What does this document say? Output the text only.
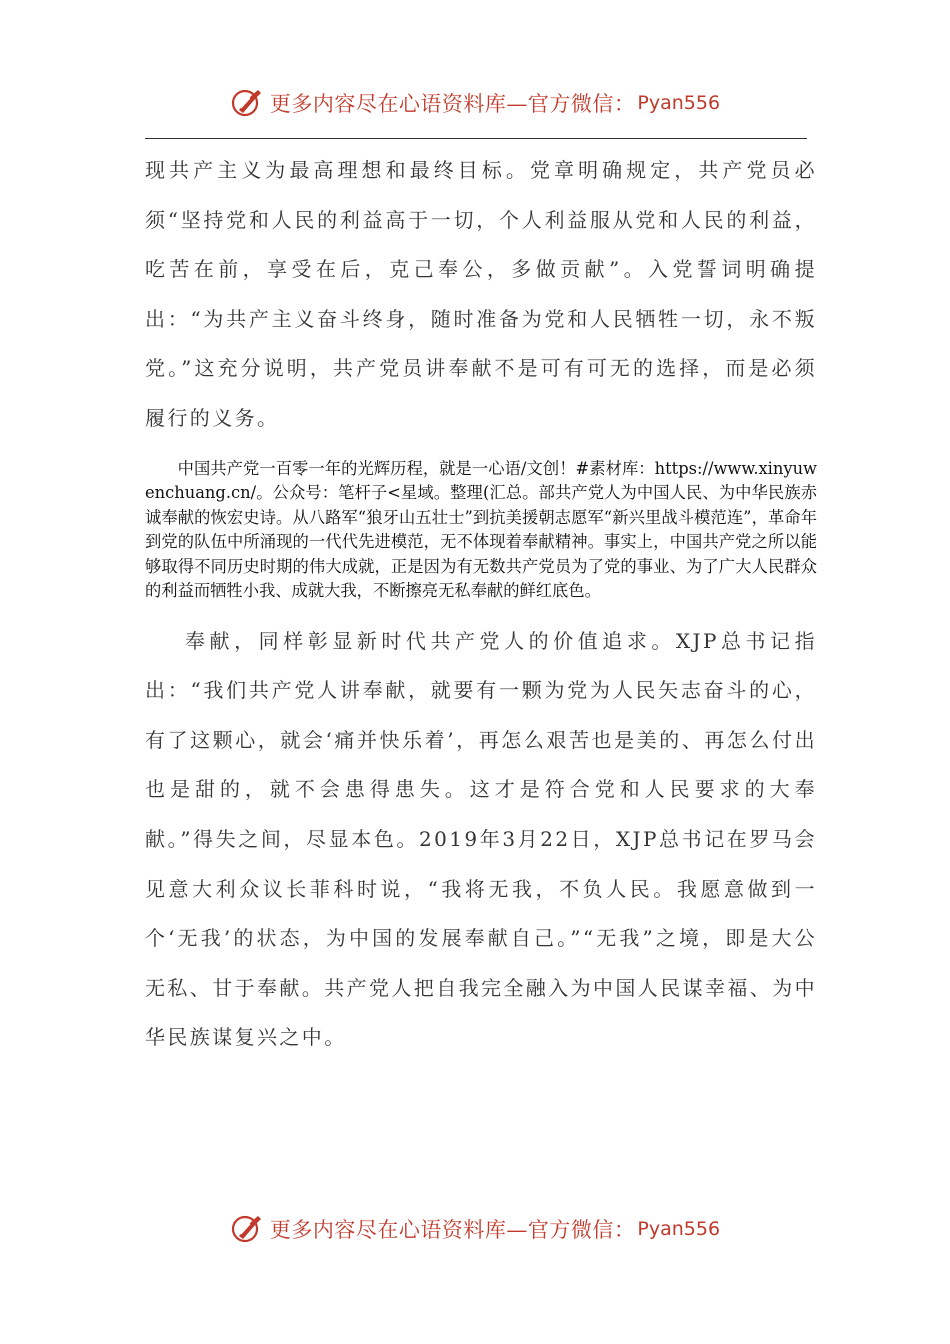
更多内容尽在心语资料库—官方微信： Pyan556

现共产主义为最高理想和最终目标。党章明确规定，共产党员必须“坚持党和人民的利益高于一切，个人利益服从党和人民的利益，吃苦在前，享受在后，克己奉公，多做贡献”。入党誓词明确提出：“为共产主义奋斗终身，随时准备为党和人民牺牲一切，永不叛党。”这充分说明，共产党员讲奉献不是可有可无的选择，而是必须履行的义务。

中国共产党一百零一年的光辉历程，就是一心语/文创！#素材库：https://www.xinyuwenchuang.cn/。公众号：笔杆子<星域。整理(汇总。部共产党人为中国人民、为中华民族赤诚奉献的恢宏史诗。从八路军“狼牙山五壮士”到抗美援朝志愿军“新兴里战斗模范连”，革命年到党的队伍中所涌现的一代代先进模范，无不体现着奉献精神。事实上，中国共产党之所以能够取得不同历史时期的伟大成就，正是因为有无数共产党员为了党的事业、为了广大人民群众的利益而牺牲小我、成就大我，不断擦亮无私奉献的鲜红底色。

奉献，同样彰显新时代共产党人的价值追求。XJP总书记指出：“我们共产党人讲奉献，就要有一颗为党为人民矢志奋斗的心，有了这颗心，就会‘痛并快乐着’，再怎么艰苦也是美的、再怎么付出也是甜的，就不会患得患失。这才是符合党和人民要求的大奉献。”得失之间，尽显本色。2019年3月22日，XJP总书记在罗马会见意大利众议长菲科时说，“我将无我，不负人民。我愿意做到一个‘无我’的状态，为中国的发展奉献自己。”“无我”之境，即是大公无私、甘于奉献。共产党人把自我完全融入为中国人民谋幸福、为中华民族谋复兴之中。

更多内容尽在心语资料库—官方微信： Pyan556
